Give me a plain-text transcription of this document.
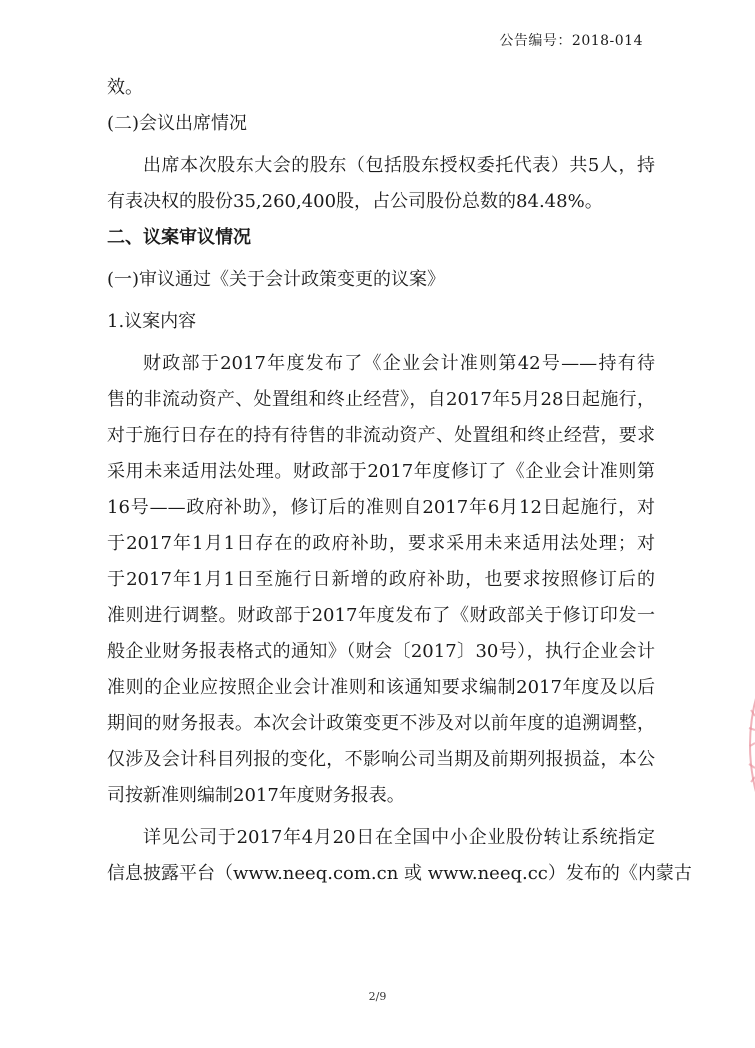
公告编号：2018-014

效。

(二)会议出席情况

出席本次股东大会的股东（包括股东授权委托代表）共5人，持

有表决权的股份35,260,400股，占公司股份总数的84.48%。

二、议案审议情况

(一)审议通过《关于会计政策变更的议案》

1.议案内容

财政部于2017年度发布了《企业会计准则第42号——持有待

售的非流动资产、处置组和终止经营》，自2017年5月28日起施行，

对于施行日存在的持有待售的非流动资产、处置组和终止经营，要求

采用未来适用法处理。财政部于2017年度修订了《企业会计准则第

16号——政府补助》，修订后的准则自2017年6月12日起施行，对

于2017年1月1日存在的政府补助，要求采用未来适用法处理；对

于2017年1月1日至施行日新增的政府补助，也要求按照修订后的

准则进行调整。财政部于2017年度发布了《财政部关于修订印发一

般企业财务报表格式的通知》（财会〔2017〕30号），执行企业会计

准则的企业应按照企业会计准则和该通知要求编制2017年度及以后

期间的财务报表。本次会计政策变更不涉及对以前年度的追溯调整，

仅涉及会计科目列报的变化，不影响公司当期及前期列报损益，本公

司按新准则编制2017年度财务报表。

详见公司于2017年4月20日在全国中小企业股份转让系统指定

信息披露平台（www.neeq.com.cn 或 www.neeq.cc）发布的《内蒙古

2/9
